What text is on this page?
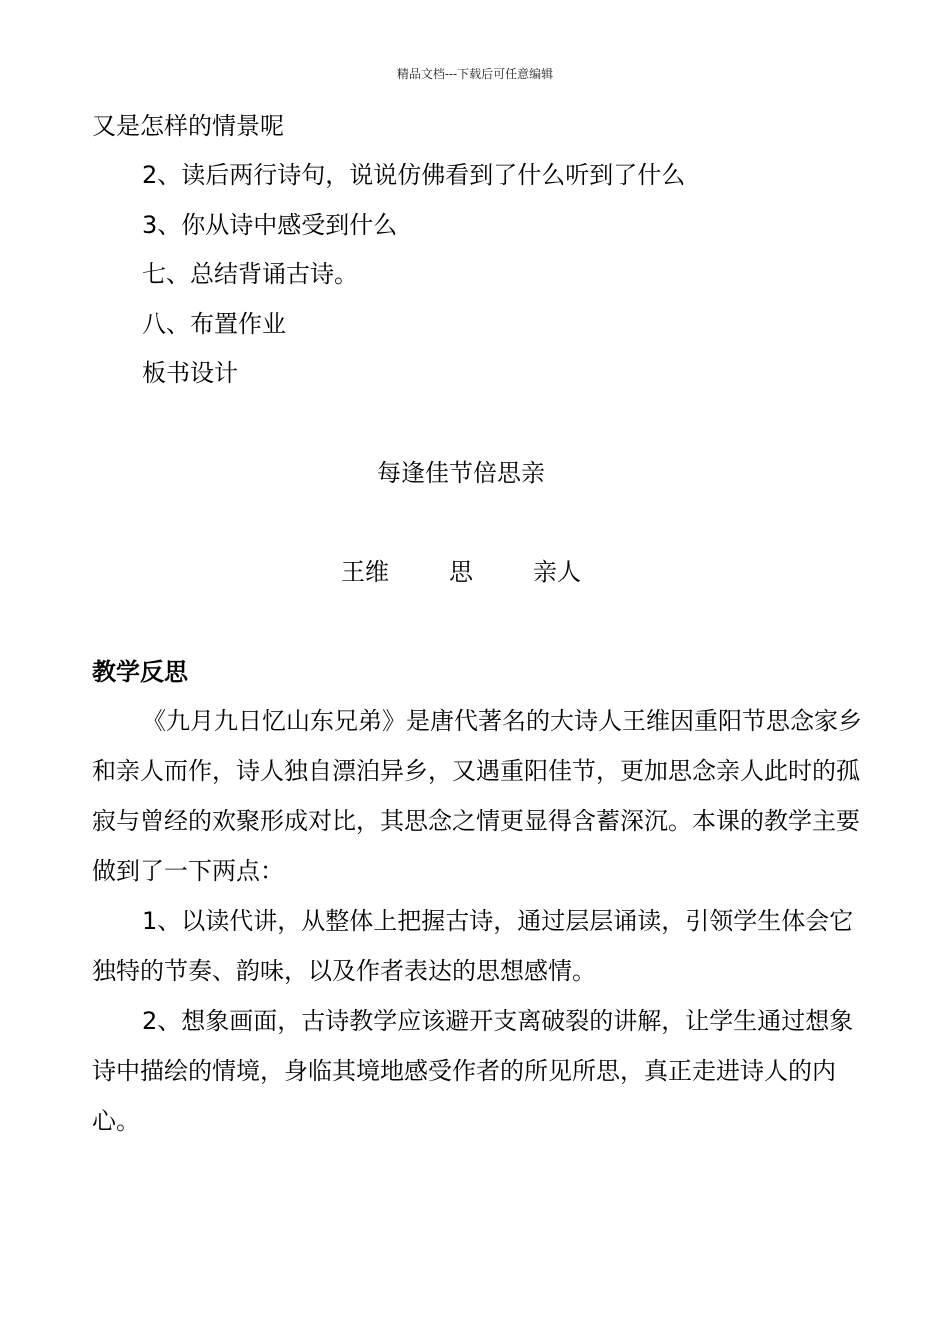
精品文档---下载后可任意编辑
又是怎样的情景呢
2、读后两行诗句，说说仿佛看到了什么听到了什么
3、你从诗中感受到什么
七、总结背诵古诗。
八、布置作业
板书设计
每逢佳节倍思亲
王维	思	亲人
教学反思

《九月九日忆山东兄弟》是唐代著名的大诗人王维因重阳节思念家乡和亲人而作，诗人独自漂泊异乡，又遇重阳佳节，更加思念亲人此时的孤寂与曾经的欢聚形成对比，其思念之情更显得含蓄深沉。本课的教学主要做到了一下两点：

1、以读代讲，从整体上把握古诗，通过层层诵读，引领学生体会它独特的节奏、韵味，以及作者表达的思想感情。

2、想象画面，古诗教学应该避开支离破裂的讲解，让学生通过想象诗中描绘的情境，身临其境地感受作者的所见所思，真正走进诗人的内心。
